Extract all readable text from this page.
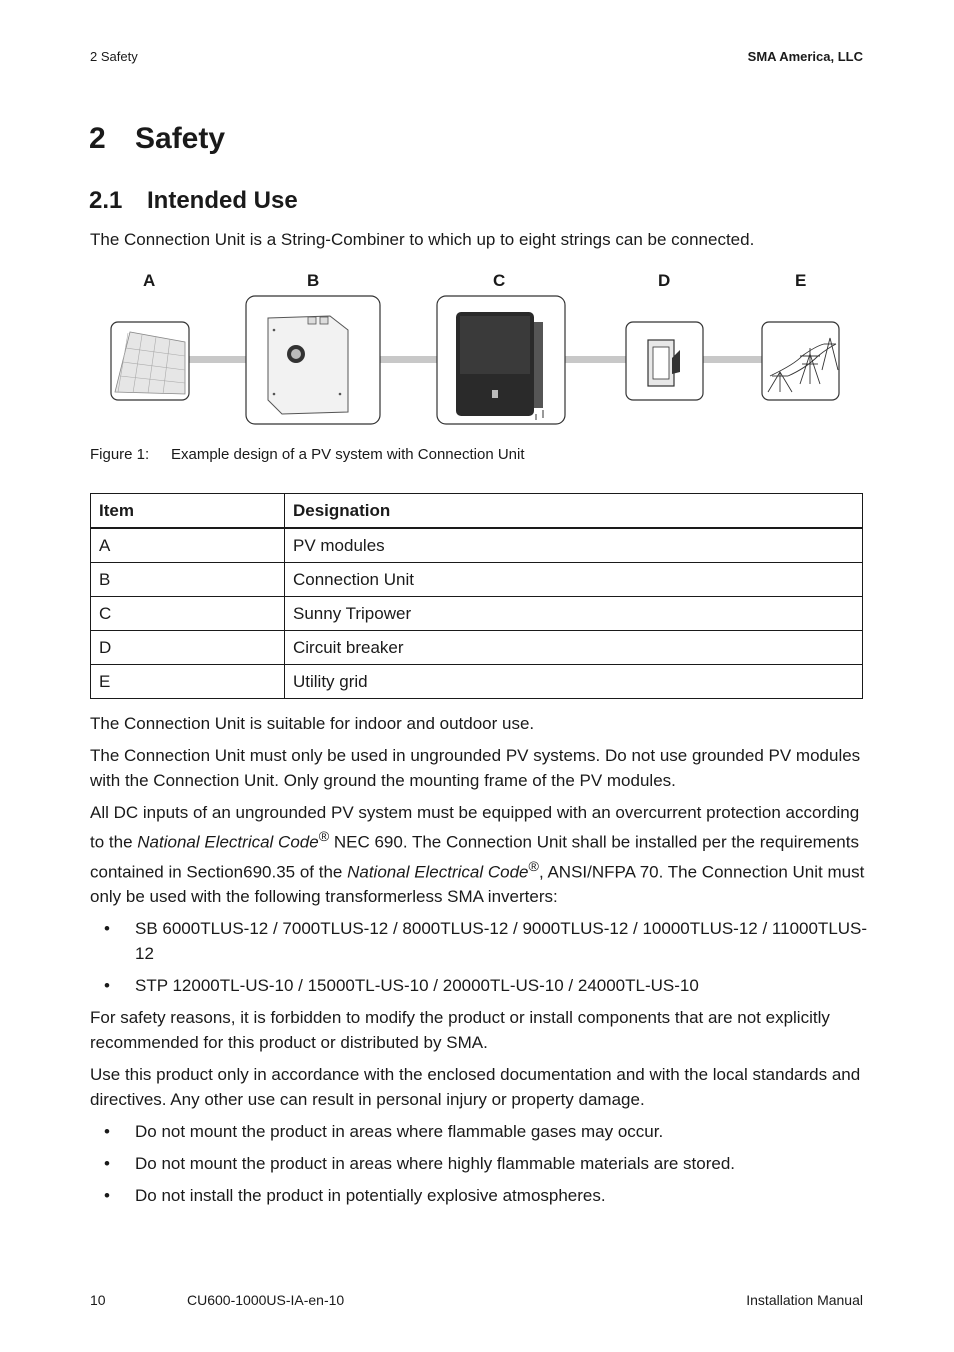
2 Safety	SMA America, LLC
2 Safety
2.1 Intended Use
The Connection Unit is a String-Combiner to which up to eight strings can be connected.
A	B	C	D	E
Figure 1: Example design of a PV system with Connection Unit
Item	Designation
A	PV modules
B	Connection Unit
C	Sunny Tripower
D	Circuit breaker
E	Utility grid

The Connection Unit is suitable for indoor and outdoor use.

The Connection Unit must only be used in ungrounded PV systems. Do not use grounded PV modules with the Connection Unit. Only ground the mounting frame of the PV modules.

All DC inputs of an ungrounded PV system must be equipped with an overcurrent protection according to the National Electrical Code® NEC 690. The Connection Unit shall be installed per the requirements contained in Section690.35 of the National Electrical Code®, ANSI/NFPA 70. The Connection Unit must only be used with the following transformerless SMA inverters:

• SB 6000TLUS-12 / 7000TLUS-12 / 8000TLUS-12 / 9000TLUS-12 / 10000TLUS-12 / 11000TLUS-12
• STP 12000TL-US-10 / 15000TL-US-10 / 20000TL-US-10 / 24000TL-US-10

For safety reasons, it is forbidden to modify the product or install components that are not explicitly recommended for this product or distributed by SMA.

Use this product only in accordance with the enclosed documentation and with the local standards and directives. Any other use can result in personal injury or property damage.

• Do not mount the product in areas where flammable gases may occur.
• Do not mount the product in areas where highly flammable materials are stored.
• Do not install the product in potentially explosive atmospheres.
10	CU600-1000US-IA-en-10	Installation Manual
